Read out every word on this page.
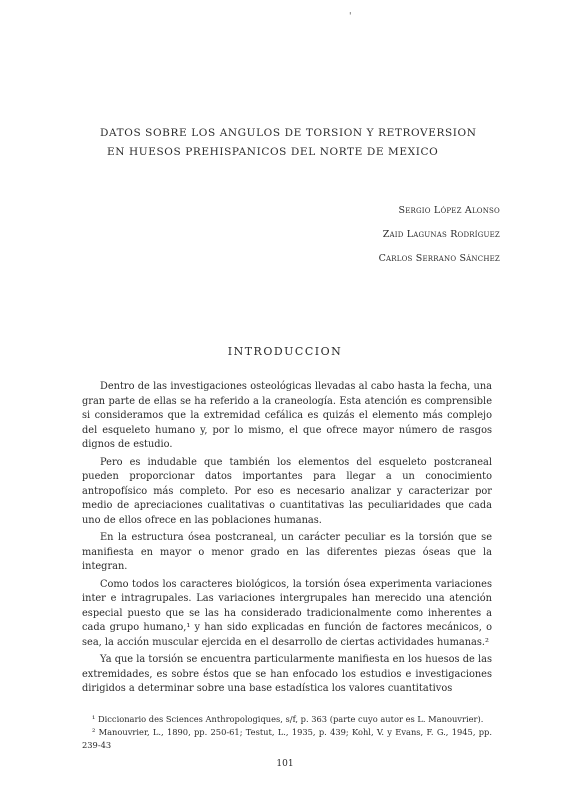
'
DATOS SOBRE LOS ANGULOS DE TORSION Y RETROVERSION
EN HUESOS PREHISPANICOS DEL NORTE DE MEXICO
Sergio López Alonso
Zaid Lagunas Rodríguez
Carlos Serrano Sánchez
INTRODUCCION

Dentro de las investigaciones osteológicas llevadas al cabo hasta la fecha, una gran parte de ellas se ha referido a la craneología. Esta atención es comprensible si consideramos que la extremidad cefálica es quizás el elemento más complejo del esqueleto humano y, por lo mismo, el que ofrece mayor número de rasgos dignos de estudio.

Pero es indudable que también los elementos del esqueleto postcraneal pueden proporcionar datos importantes para llegar a un conocimiento antropofísico más completo. Por eso es necesario analizar y caracterizar por medio de apreciaciones cualitativas o cuantitativas las peculiaridades que cada uno de ellos ofrece en las poblaciones humanas.

En la estructura ósea postcraneal, un carácter peculiar es la torsión que se manifiesta en mayor o menor grado en las diferentes piezas óseas que la integran.

Como todos los caracteres biológicos, la torsión ósea experimenta variaciones inter e intragrupales. Las variaciones intergrupales han merecido una atención especial puesto que se las ha considerado tradicionalmente como inherentes a cada grupo humano,¹ y han sido explicadas en función de factores mecánicos, o sea, la acción muscular ejercida en el desarrollo de ciertas actividades humanas.²

Ya que la torsión se encuentra particularmente manifiesta en los huesos de las extremidades, es sobre éstos que se han enfocado los estudios e investigaciones dirigidos a determinar sobre una base estadística los valores cuantitativos

¹ Diccionario des Sciences Anthropologiques, s/f, p. 363 (parte cuyo autor es L. Manouvrier).

² Manouvrier, L., 1890, pp. 250-61; Testut, L., 1935, p. 439; Kohl, V. y Evans, F. G., 1945, pp. 239-43

101
